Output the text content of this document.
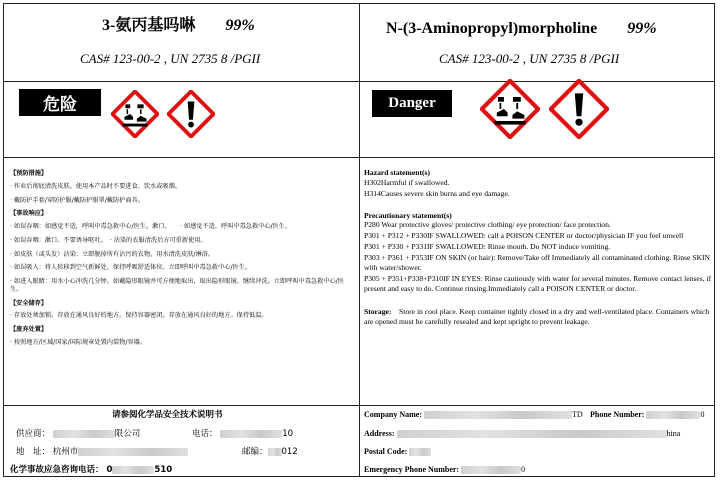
3-氨丙基吗啉 99%
CAS# 123-00-2 , UN 2735 8 /PGII
N-(3-Aminopropyl)morpholine 99%
CAS# 123-00-2 , UN 2735 8 /PGII
危险	Danger
【预防措施】
· 作业后彻底清洗皮肤。使用本产品时不要进食、饮水或吸烟。
· 戴防护手套/穿防护服/戴防护眼罩/戴防护面具。
【事故响应】
· 如误吞咽：如感觉不适，呼叫中毒急救中心/医生。漱口。　　· 如感觉不适，呼叫中毒急救中心/医生。
· 如误吞咽：漱口。不要诱导呕吐。　· 沾染的衣服清洗后方可重新使用。
· 如皮肤（或头发）沾染：立即脱掉所有沾污的衣物。用水清洗皮肤/淋浴。
· 如误吸入：将人转移到空气新鲜处，保持呼吸舒适体位。立即呼叫中毒急救中心/医生。
· 如进入眼睛：用水小心冲洗几分钟。如戴隐形眼镜并可方便地取出，取出隐形眼镜。继续冲洗。立即呼叫中毒急救中心/医生。
【安全储存】
· 存放处须加锁。存放在通风良好的地方。保持容器密闭。存放在通风良好的地方。保持低温。
【废弃处置】
· 按照地方/区域/国家/国际规章处置内装物/容器。
Hazard statement(s)
H302Harmful if swallowed.
H314Causes severe skin burns and eye damage.
Precautionary statement(s)
P280 Wear protective gloves/ protective clothing/ eye protection/ face protection.
P301 + P312 + P330IF SWALLOWED: call a POISON CENTER or doctor/physician IF you feel unwell
P301 + P330 + P331IF SWALLOWED: Rinse mouth. Do NOT induce vomiting.
P303 + P361 + P353IF ON SKIN (or hair): Remove/Take off Immediately all contaminated clothing. Rinse SKIN with water/shower.
P305 + P351+P338+P310IF IN EYES: Rinse cautiously with water for several minutes. Remove contact lenses, if present and easy to do. Continue rinsing.Immediately call a POISON CENTER or doctor.
Storage: Store in cool place. Keep container tightly closed in a dry and well-ventilated place. Containers which are opened must be carefully resealed and kept upright to prevent leakage.
请参阅化学品安全技术说明书
供应商：	限公司	电话：	10
地　址： 杭州市	邮编： 012
化学事故应急咨询电话： 0	510
Company Name:	TD Phone Number:	0
Address:	hina
Postal Code:
Emergency Phone Number:	0
